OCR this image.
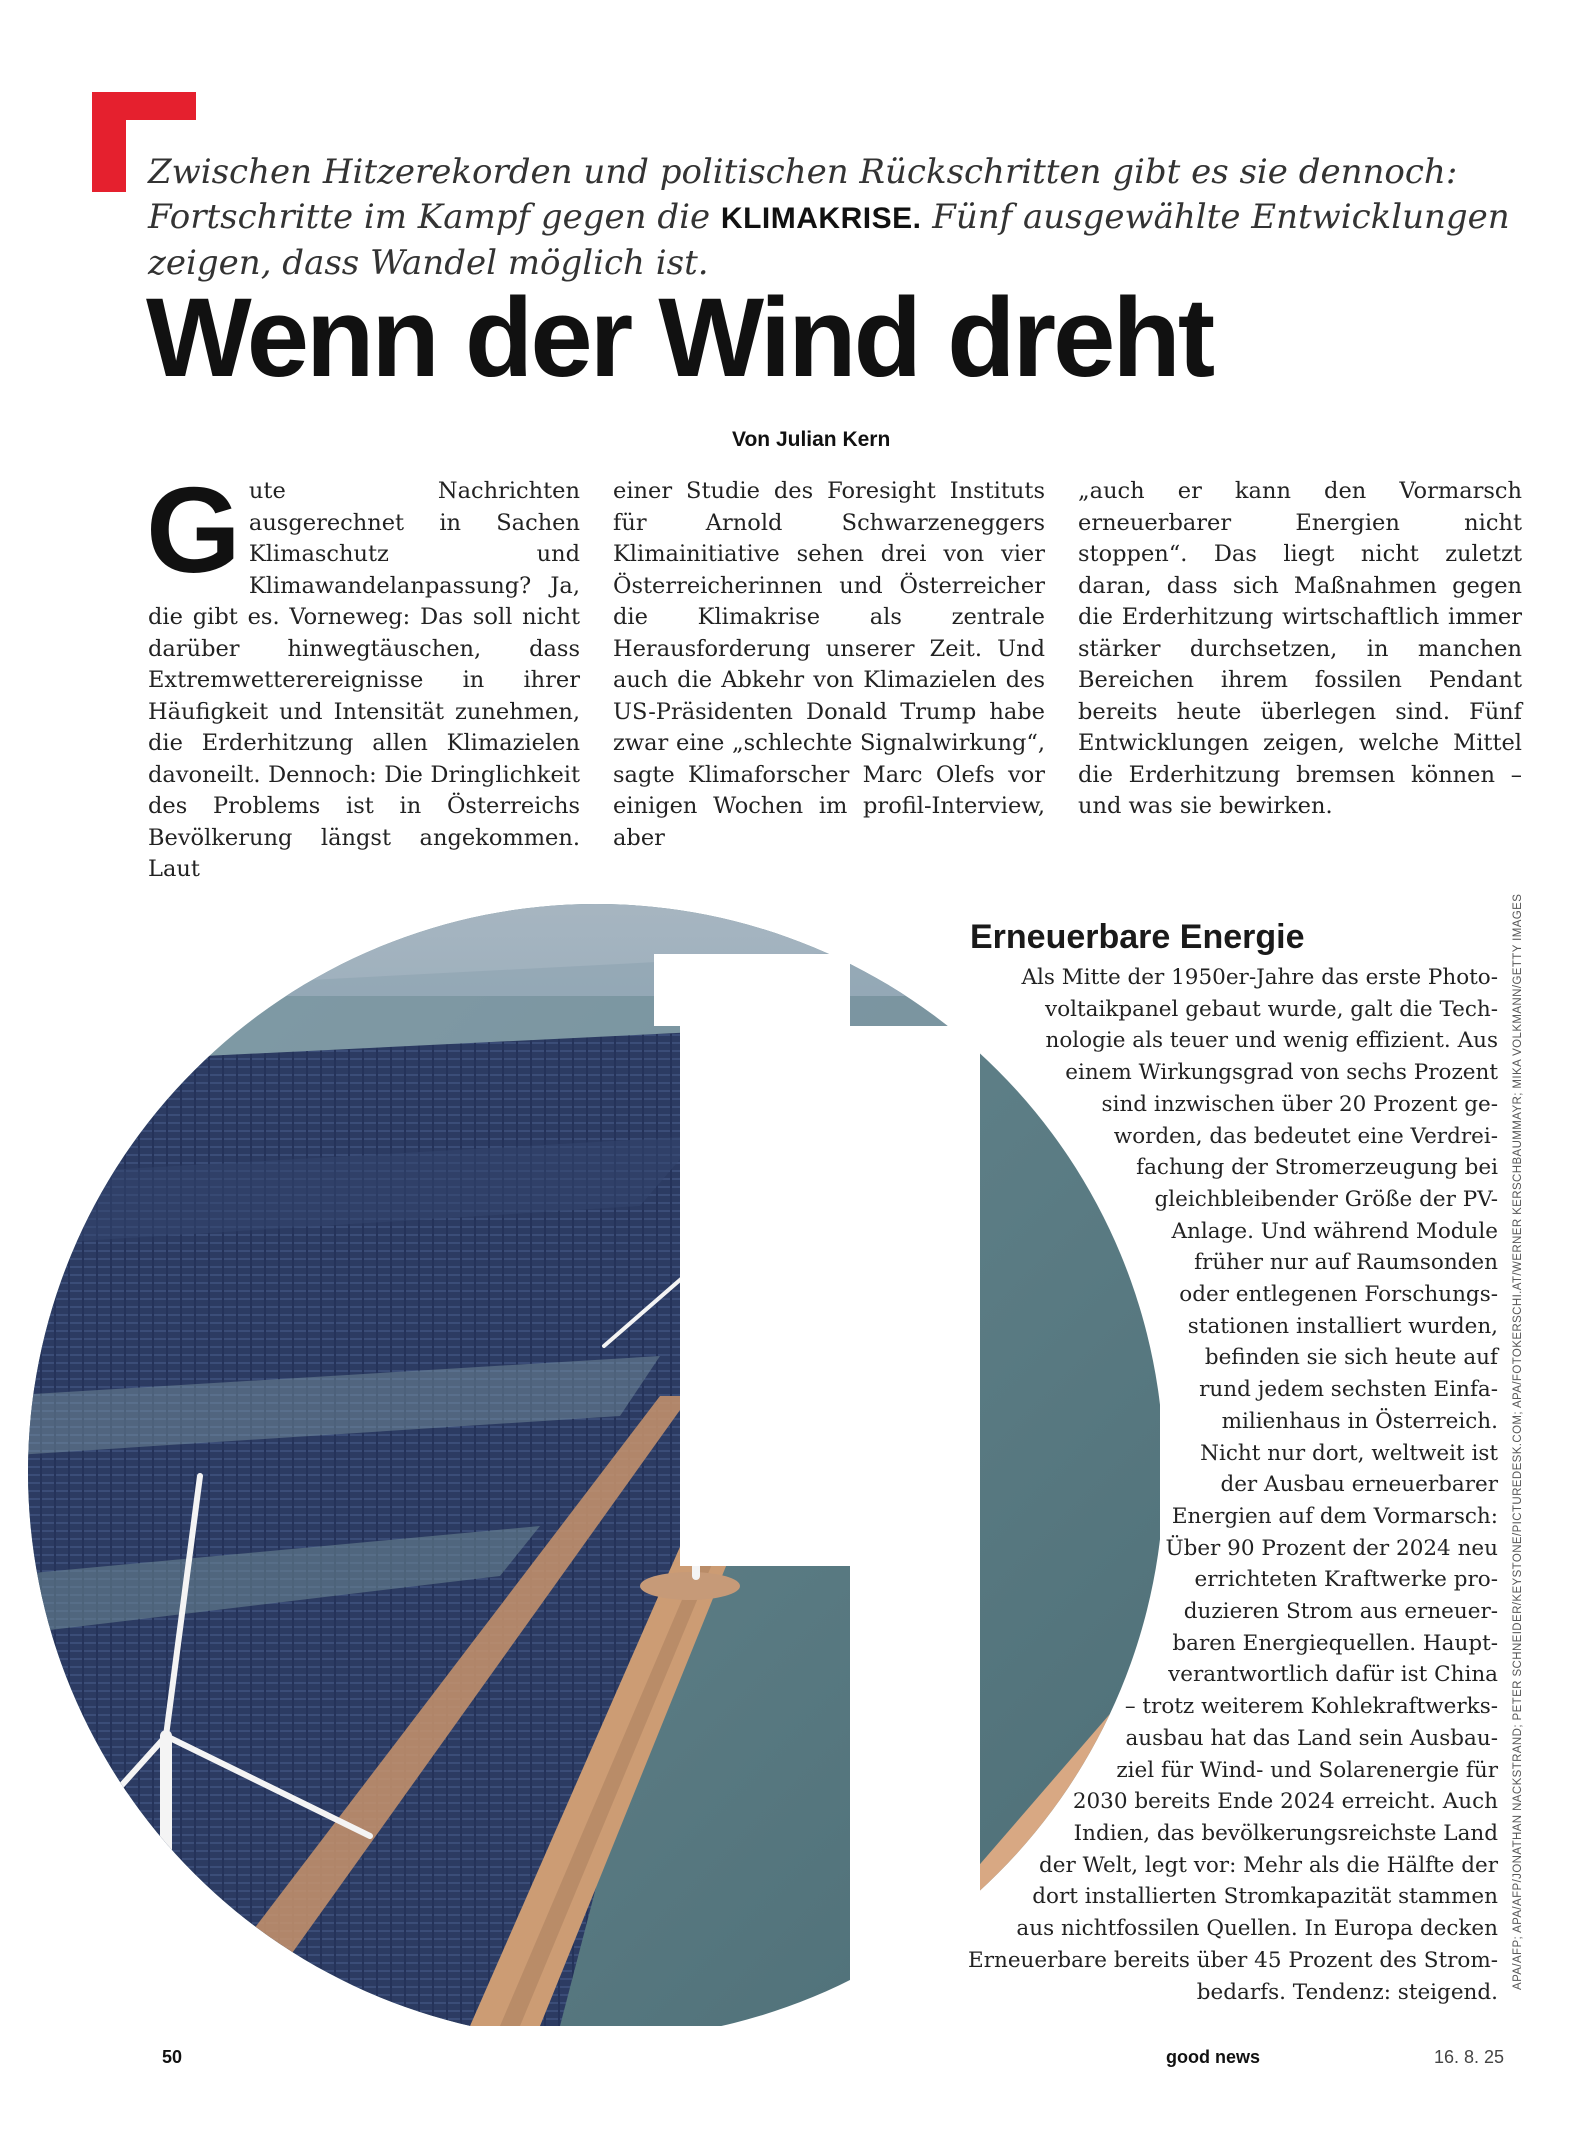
Zwischen Hitzerekorden und politischen Rückschritten gibt es sie dennoch: Fortschritte im Kampf gegen die KLIMAKRISE. Fünf ausgewählte Entwicklungen zeigen, dass Wandel möglich ist.

Wenn der Wind dreht
Von Julian Kern

Gute Nachrichten ausgerechnet in Sachen Klimaschutz und Klimawandelanpassung? Ja, die gibt es. Vorneweg: Das soll nicht darüber hinwegtäuschen, dass Extremwetterereignisse in ihrer Häufigkeit und Intensität zunehmen, die Erderhitzung allen Klimazielen davoneilt. Dennoch: Die Dringlichkeit des Problems ist in Österreichs Bevölkerung längst angekommen. Laut

einer Studie des Foresight Instituts für Arnold Schwarzeneggers Klimainitiative sehen drei von vier Österreicherinnen und Österreicher die Klimakrise als zentrale Herausforderung unserer Zeit. Und auch die Abkehr von Klimazielen des US-Präsidenten Donald Trump habe zwar eine „schlechte Signalwirkung“, sagte Klimaforscher Marc Olefs vor einigen Wochen im profil-Interview, aber

„auch er kann den Vormarsch erneuerbarer Energien nicht stoppen“. Das liegt nicht zuletzt daran, dass sich Maßnahmen gegen die Erderhitzung wirtschaftlich immer stärker durchsetzen, in manchen Bereichen ihrem fossilen Pendant bereits heute überlegen sind. Fünf Entwicklungen zeigen, welche Mittel die Erderhitzung bremsen können – und was sie bewirken.

Erneuerbare Energie
Als Mitte der 1950er-Jahre das erste Photo-
voltaikpanel gebaut wurde, galt die Tech-
nologie als teuer und wenig effizient. Aus
einem Wirkungsgrad von sechs Prozent
sind inzwischen über 20 Prozent ge-
worden, das bedeutet eine Verdrei-
fachung der Stromerzeugung bei
gleichbleibender Größe der PV-
Anlage. Und während Module
früher nur auf Raumsonden
oder entlegenen Forschungs-
stationen installiert wurden,
befinden sie sich heute auf
rund jedem sechsten Einfa-
milienhaus in Österreich.
Nicht nur dort, weltweit ist
der Ausbau erneuerbarer
Energien auf dem Vormarsch:
Über 90 Prozent der 2024 neu
errichteten Kraftwerke pro-
duzieren Strom aus erneuer-
baren Energiequellen. Haupt-
verantwortlich dafür ist China
– trotz weiterem Kohlekraftwerks-
ausbau hat das Land sein Ausbau-
ziel für Wind- und Solarenergie für
2030 bereits Ende 2024 erreicht. Auch
Indien, das bevölkerungsreichste Land
der Welt, legt vor: Mehr als die Hälfte der
dort installierten Stromkapazität stammen
aus nichtfossilen Quellen. In Europa decken
Erneuerbare bereits über 45 Prozent des Strom-
bedarfs. Tendenz: steigend.
APA/AFP; APA/AFP/JONATHAN NACKSTRAND; PETER SCHNEIDER/KEYSTONE/PICTUREDESK.COM; APA/FOTOKERSCHI.AT/WERNER KERSCHBAUMMAYR; MIKA VOLKMANN/GETTY IMAGES
50	good news	16. 8. 25
